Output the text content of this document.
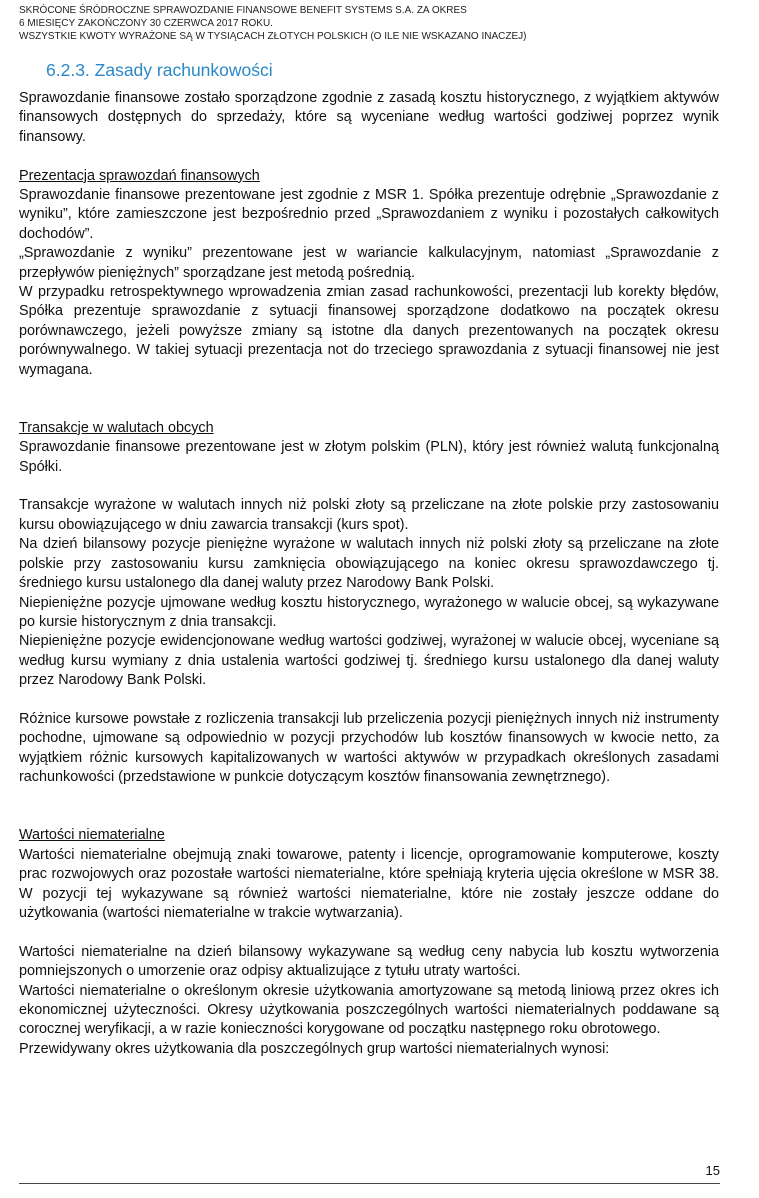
SKRÓCONE ŚRÓDROCZNE SPRAWOZDANIE FINANSOWE BENEFIT SYSTEMS S.A. ZA OKRES
6 MIESIĘCY ZAKOŃCZONY 30 CZERWCA 2017 ROKU.
WSZYSTKIE KWOTY WYRAŻONE SĄ W TYSIĄCACH ZŁOTYCH POLSKICH (O ILE NIE WSKAZANO INACZEJ)
6.2.3. Zasady rachunkowości

Sprawozdanie finansowe zostało sporządzone zgodnie z zasadą kosztu historycznego, z wyjątkiem aktywów finansowych dostępnych do sprzedaży, które są wyceniane według wartości godziwej poprzez wynik finansowy.

Prezentacja sprawozdań finansowych

Sprawozdanie finansowe prezentowane jest zgodnie z MSR 1. Spółka prezentuje odrębnie „Sprawozdanie z wyniku”, które zamieszczone jest bezpośrednio przed „Sprawozdaniem z wyniku i pozostałych całkowitych dochodów”.

„Sprawozdanie z wyniku” prezentowane jest w wariancie kalkulacyjnym, natomiast „Sprawozdanie z przepływów pieniężnych” sporządzane jest metodą pośrednią.

W przypadku retrospektywnego wprowadzenia zmian zasad rachunkowości, prezentacji lub korekty błędów, Spółka prezentuje sprawozdanie z sytuacji finansowej sporządzone dodatkowo na początek okresu porównawczego, jeżeli powyższe zmiany są istotne dla danych prezentowanych na początek okresu porównywalnego. W takiej sytuacji prezentacja not do trzeciego sprawozdania z sytuacji finansowej nie jest wymagana.

Transakcje w walutach obcych

Sprawozdanie finansowe prezentowane jest w złotym polskim (PLN), który jest również walutą funkcjonalną Spółki.

Transakcje wyrażone w walutach innych niż polski złoty są przeliczane na złote polskie przy zastosowaniu kursu obowiązującego w dniu zawarcia transakcji (kurs spot).

Na dzień bilansowy pozycje pieniężne wyrażone w walutach innych niż polski złoty są przeliczane na złote polskie przy zastosowaniu kursu zamknięcia obowiązującego na koniec okresu sprawozdawczego tj. średniego kursu ustalonego dla danej waluty przez Narodowy Bank Polski.

Niepieniężne pozycje ujmowane według kosztu historycznego, wyrażonego w walucie obcej, są wykazywane po kursie historycznym z dnia transakcji.

Niepieniężne pozycje ewidencjonowane według wartości godziwej, wyrażonej w walucie obcej, wyceniane są według kursu wymiany z dnia ustalenia wartości godziwej tj. średniego kursu ustalonego dla danej waluty przez Narodowy Bank Polski.

Różnice kursowe powstałe z rozliczenia transakcji lub przeliczenia pozycji pieniężnych innych niż instrumenty pochodne, ujmowane są odpowiednio w pozycji przychodów lub kosztów finansowych w kwocie netto, za wyjątkiem różnic kursowych kapitalizowanych w wartości aktywów w przypadkach określonych zasadami rachunkowości (przedstawione w punkcie dotyczącym kosztów finansowania zewnętrznego).

Wartości niematerialne

Wartości niematerialne obejmują znaki towarowe, patenty i licencje, oprogramowanie komputerowe, koszty prac rozwojowych oraz pozostałe wartości niematerialne, które spełniają kryteria ujęcia określone w MSR 38. W pozycji tej wykazywane są również wartości niematerialne, które nie zostały jeszcze oddane do użytkowania (wartości niematerialne w trakcie wytwarzania).

Wartości niematerialne na dzień bilansowy wykazywane są według ceny nabycia lub kosztu wytworzenia pomniejszonych o umorzenie oraz odpisy aktualizujące z tytułu utraty wartości.

Wartości niematerialne o określonym okresie użytkowania amortyzowane są metodą liniową przez okres ich ekonomicznej użyteczności. Okresy użytkowania poszczególnych wartości niematerialnych poddawane są corocznej weryfikacji, a w razie konieczności korygowane od początku następnego roku obrotowego.

Przewidywany okres użytkowania dla poszczególnych grup wartości niematerialnych wynosi:

15
